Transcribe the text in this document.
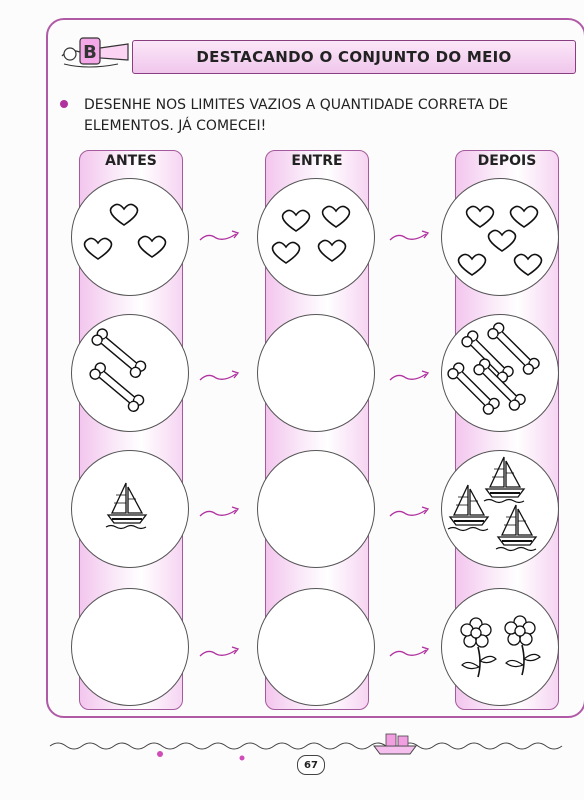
B	DESTACANDO O CONJUNTO DO MEIO
DESENHE NOS LIMITES VAZIOS A QUANTIDADE CORRETA DE ELEMENTOS. JÁ COMECEI!
ANTES	ENTRE	DEPOIS
67
